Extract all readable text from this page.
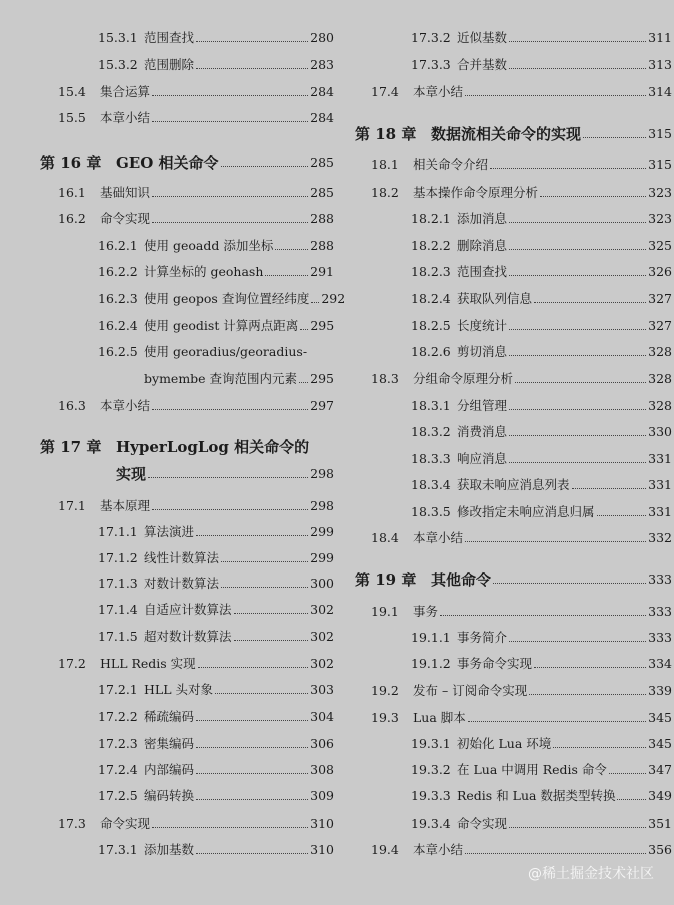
15.3.1 范围查找	280
15.3.2 范围删除	283
15.4	集合运算	284
15.5	本章小结	284
第 16 章 GEO 相关命令	285
16.1	基础知识	285
16.2	命令实现	288
16.2.1 使用 geoadd 添加坐标	288
16.2.2 计算坐标的 geohash	291
16.2.3 使用 geopos 查询位置经纬度 292
16.2.4 使用 geodist 计算两点距离 295
16.2.5 使用 georadius/georadius-
bymembe 查询范围内元素 295
16.3	本章小结	297
第 17 章 HyperLogLog 相关命令的
实现	298
17.1	基本原理	298
17.1.1 算法演进	299
17.1.2 线性计数算法	299
17.1.3 对数计数算法	300
17.1.4 自适应计数算法	302
17.1.5 超对数计数算法	302
17.2	HLL Redis 实现	302
17.2.1 HLL 头对象	303
17.2.2 稀疏编码	304
17.2.3 密集编码	306
17.2.4 内部编码	308
17.2.5 编码转换	309
17.3	命令实现	310
17.3.1 添加基数	310
17.3.2 近似基数	311
17.3.3 合并基数	313
17.4	本章小结	314
第 18 章 数据流相关命令的实现	315
18.1	相关命令介绍	315
18.2	基本操作命令原理分析	323
18.2.1 添加消息	323
18.2.2 删除消息	325
18.2.3 范围查找	326
18.2.4 获取队列信息	327
18.2.5 长度统计	327
18.2.6 剪切消息	328
18.3	分组命令原理分析	328
18.3.1 分组管理	328
18.3.2 消费消息	330
18.3.3 响应消息	331
18.3.4 获取未响应消息列表	331
18.3.5 修改指定未响应消息归属	331
18.4	本章小结	332
第 19 章 其他命令	333
19.1	事务	333
19.1.1 事务简介	333
19.1.2 事务命令实现	334
19.2	发布 – 订阅命令实现	339
19.3	Lua 脚本	345
19.3.1 初始化 Lua 环境	345
19.3.2 在 Lua 中调用 Redis 命令	347
19.3.3 Redis 和 Lua 数据类型转换	349
19.3.4 命令实现	351
19.4	本章小结	356
@稀土掘金技术社区
